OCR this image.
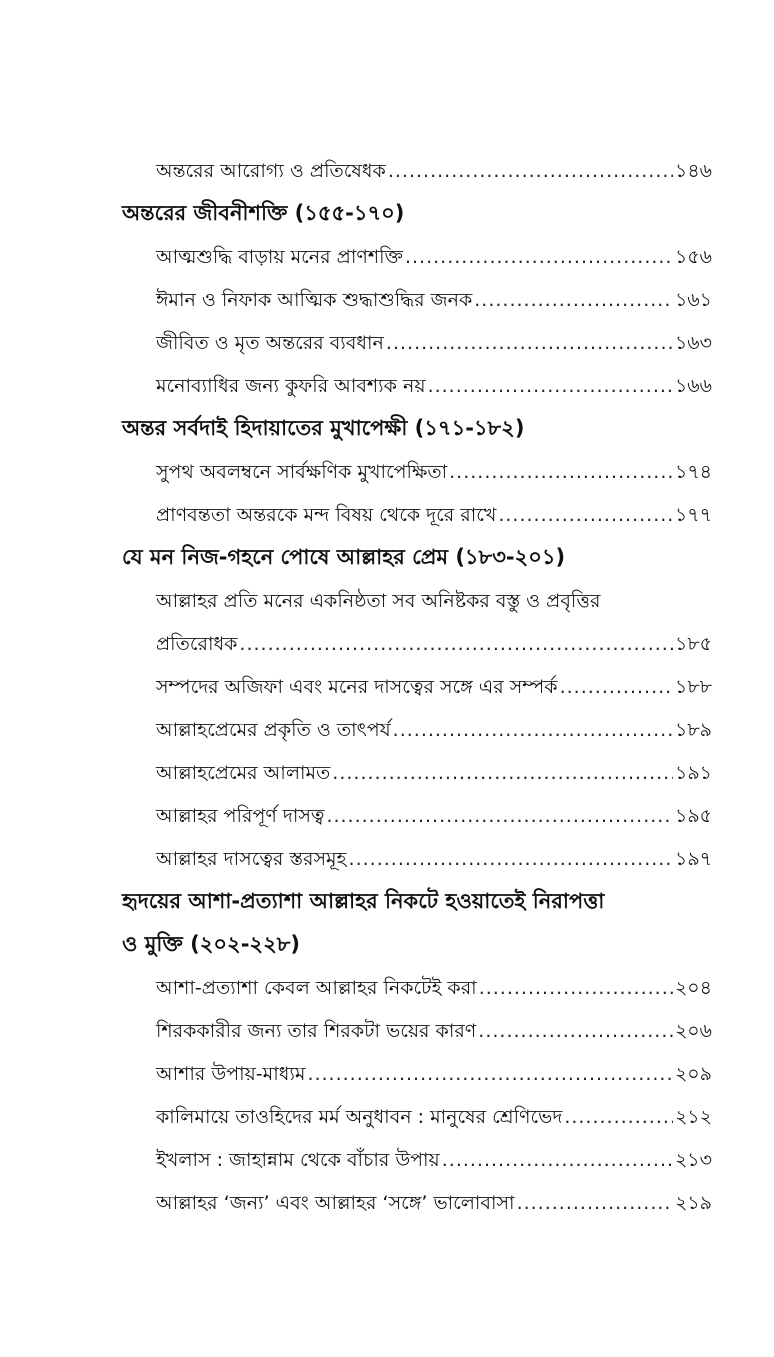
অন্তরের আরোগ্য ও প্রতিষেধক .....	১৪৬
অন্তরের জীবনীশক্তি (১৫৫-১৭০)
আত্মশুদ্ধি বাড়ায় মনের প্রাণশক্তি .....	১৫৬
ঈমান ও নিফাক আত্মিক শুদ্ধাশুদ্ধির জনক .....	১৬১
জীবিত ও মৃত অন্তরের ব্যবধান .....	১৬৩
মনোব্যাধির জন্য কুফরি আবশ্যক নয় .....	১৬৬
অন্তর সর্বদাই হিদায়াতের মুখাপেক্ষী (১৭১-১৮২)
সুপথ অবলম্বনে সার্বক্ষণিক মুখাপেক্ষিতা .....	১৭৪
প্রাণবন্ততা অন্তরকে মন্দ বিষয় থেকে দূরে রাখে .....	১৭৭
যে মন নিজ-গহনে পোষে আল্লাহর প্রেম (১৮৩-২০১)
আল্লাহর প্রতি মনের একনিষ্ঠতা সব অনিষ্টকর বস্তু ও প্রবৃত্তির
প্রতিরোধক .....	১৮৫
সম্পদের অজিফা এবং মনের দাসত্বের সঙ্গে এর সম্পর্ক .....	১৮৮
আল্লাহপ্রেমের প্রকৃতি ও তাৎপর্য .....	১৮৯
আল্লাহপ্রেমের আলামত .....	১৯১
আল্লাহর পরিপূর্ণ দাসত্ব .....	১৯৫
আল্লাহর দাসত্বের স্তরসমূহ .....	১৯৭
হৃদয়ের আশা-প্রত্যাশা আল্লাহর নিকটে হওয়াতেই নিরাপত্তা
ও মুক্তি (২০২-২২৮)
আশা-প্রত্যাশা কেবল আল্লাহর নিকটেই করা .....	২০৪
শিরককারীর জন্য তার শিরকটা ভয়ের কারণ .....	২০৬
আশার উপায়-মাধ্যম .....	২০৯
কালিমায়ে তাওহিদের মর্ম অনুধাবন : মানুষের শ্রেণিভেদ .....	২১২
ইখলাস : জাহান্নাম থেকে বাঁচার উপায় .....	২১৩
আল্লাহর ‘জন্য’ এবং আল্লাহর ‘সঙ্গে’ ভালোবাসা .....	২১৯
